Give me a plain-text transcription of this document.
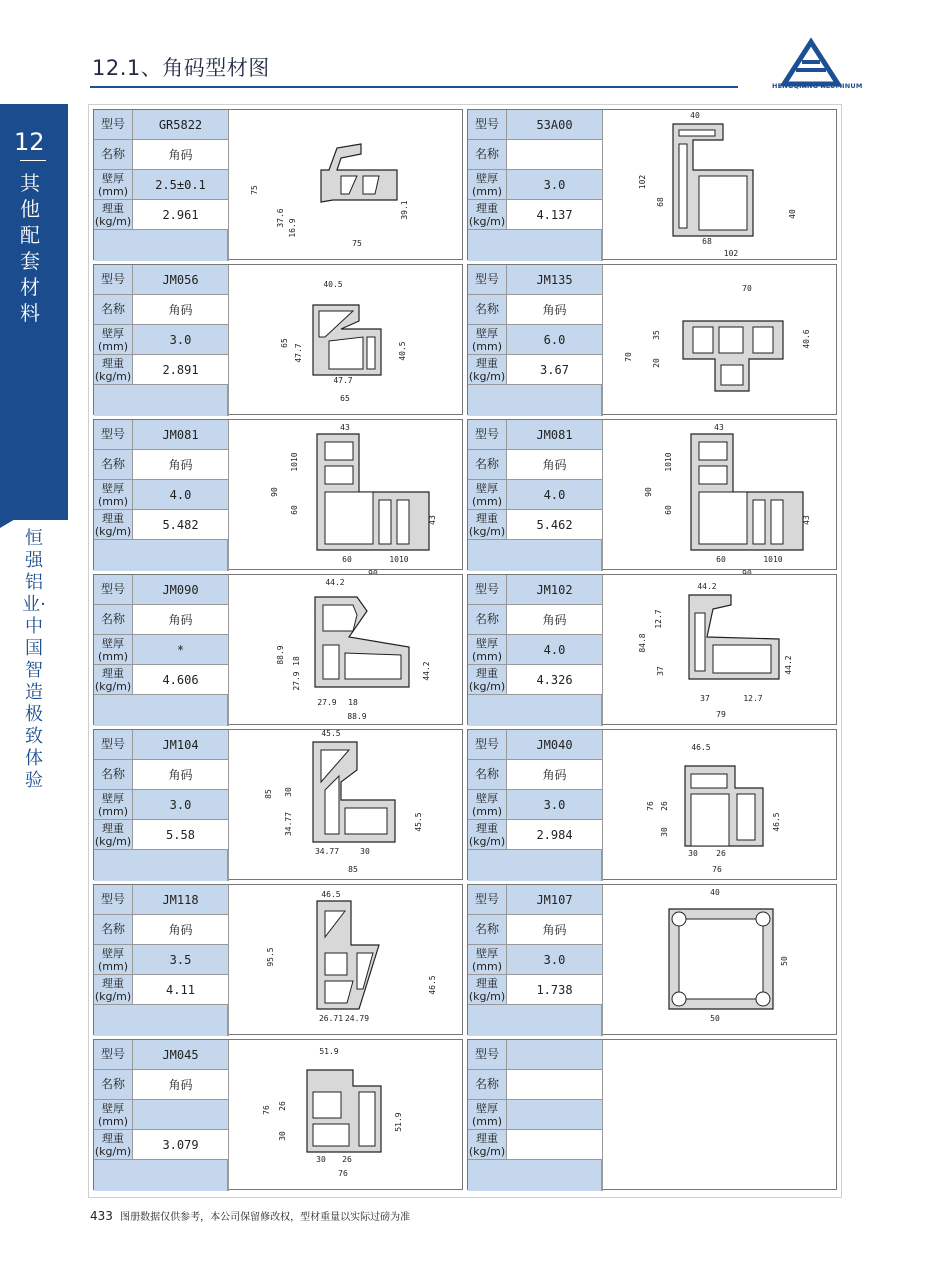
12.1、角码型材图
HENGQIANG ALUMINUM
12
其他配套材料
恒强铝业·中国智造 极致体验
型号	GR5822
名称	角码
壁厚(mm)	2.5±0.1
理重(kg/m)	2.961
75
37.6
16.9
75
39.1
型号	53A00
名称
壁厚(mm)	3.0
理重(kg/m)	4.137
40
102
68
40
68
102
型号	JM056
名称	角码
壁厚(mm)	3.0
理重(kg/m)	2.891
40.5
65
47.7	40.5
47.7
65
型号	JM135
名称	角码
壁厚(mm)	6.0
理重(kg/m)	3.67
70
35
70
20
40.6
型号	JM081
名称	角码
壁厚(mm)	4.0
理重(kg/m)	5.482
43
1010
90
60
43
60	1010
型号	JM081
名称	角码
壁厚(mm)	4.0
理重(kg/m)	5.462
43
1010
90
60
43
60	1010
型号	JM090
名称	角码
壁厚(mm)	*
理重(kg/m)	4.606
44.2
88.9 18
27.9
44.2
27.9 18
88.9
型号	JM102
名称	角码
壁厚(mm)	4.0
理重(kg/m)	4.326
44.2
12.7
84.8
37	44.2
37	12.7
79
型号	JM104
名称	角码
壁厚(mm)	3.0
理重(kg/m)	5.58
45.5
85 30
34.77	45.5
34.77	30
85
型号	JM040
名称	角码
壁厚(mm)	3.0
理重(kg/m)	2.984
46.5
76 26
30
46.5
30 26
76
型号	JM118
名称	角码
壁厚(mm)	3.5
理重(kg/m)	4.11
46.5
95.5
46.5
26.71 24.79
型号	JM107
名称	角码
壁厚(mm)	3.0
理重(kg/m)	1.738
40
50
50
型号	JM045
名称	角码
壁厚(mm)
理重(kg/m)	3.079
51.9
76 26
30
51.9
30 26
76
型号
名称
壁厚(mm)
理重(kg/m)
433 图册数据仅供参考，本公司保留修改权，型材重量以实际过磅为准
